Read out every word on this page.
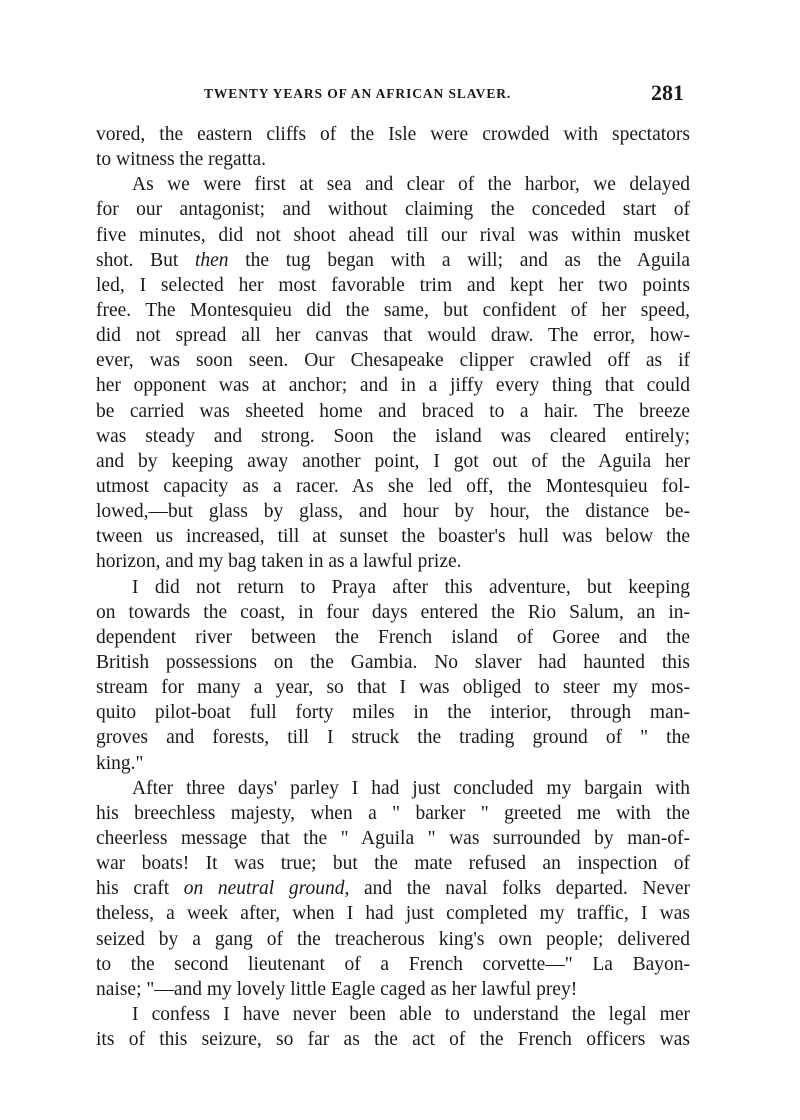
TWENTY YEARS OF AN AFRICAN SLAVER.	281
vored, the eastern cliffs of the Isle were crowded with spectators
to witness the regatta.
As we were first at sea and clear of the harbor, we delayed
for our antagonist; and without claiming the conceded start of
five minutes, did not shoot ahead till our rival was within musket
shot. But then the tug began with a will; and as the Aguila
led, I selected her most favorable trim and kept her two points
free. The Montesquieu did the same, but confident of her speed,
did not spread all her canvas that would draw. The error, how-
ever, was soon seen. Our Chesapeake clipper crawled off as if
her opponent was at anchor; and in a jiffy every thing that could
be carried was sheeted home and braced to a hair. The breeze
was steady and strong. Soon the island was cleared entirely;
and by keeping away another point, I got out of the Aguila her
utmost capacity as a racer. As she led off, the Montesquieu fol-
lowed,—but glass by glass, and hour by hour, the distance be-
tween us increased, till at sunset the boaster's hull was below the
horizon, and my bag taken in as a lawful prize.
I did not return to Praya after this adventure, but keeping
on towards the coast, in four days entered the Rio Salum, an in-
dependent river between the French island of Goree and the
British possessions on the Gambia. No slaver had haunted this
stream for many a year, so that I was obliged to steer my mos-
quito pilot-boat full forty miles in the interior, through man-
groves and forests, till I struck the trading ground of " the
king."
After three days' parley I had just concluded my bargain with
his breechless majesty, when a " barker " greeted me with the
cheerless message that the " Aguila " was surrounded by man-of-
war boats! It was true; but the mate refused an inspection of
his craft on neutral ground, and the naval folks departed. Never
theless, a week after, when I had just completed my traffic, I was
seized by a gang of the treacherous king's own people; delivered
to the second lieutenant of a French corvette—" La Bayon-
naise; "—and my lovely little Eagle caged as her lawful prey!
I confess I have never been able to understand the legal mer
its of this seizure, so far as the act of the French officers was
